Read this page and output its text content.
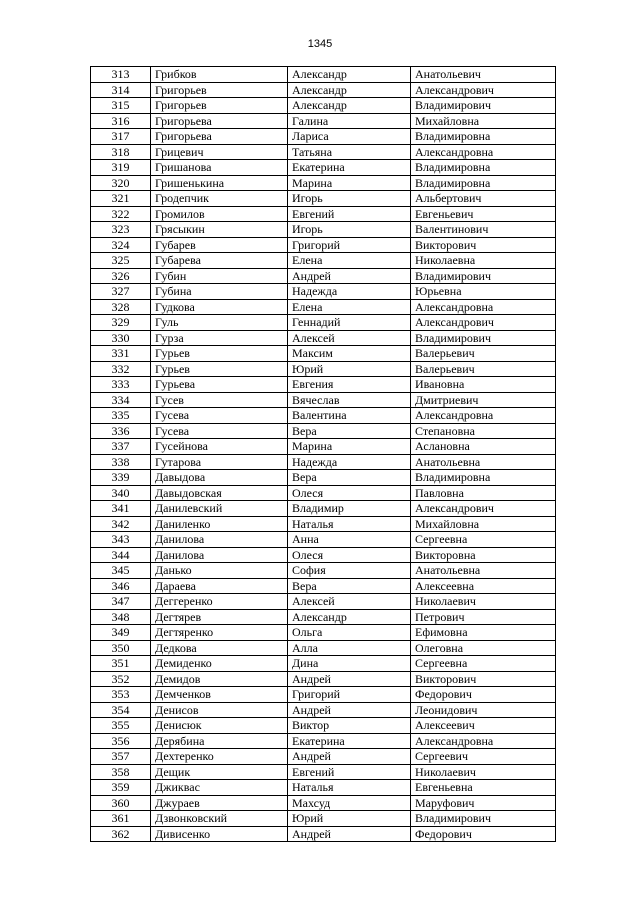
1345
313	Грибков	Александр	Анатольевич
314	Григорьев	Александр	Александрович
315	Григорьев	Александр	Владимирович
316	Григорьева	Галина	Михайловна
317	Григорьева	Лариса	Владимировна
318	Грицевич	Татьяна	Александровна
319	Гришанова	Екатерина	Владимировна
320	Гришенькина	Марина	Владимировна
321	Гродепчик	Игорь	Альбертович
322	Громилов	Евгений	Евгеньевич
323	Грясыкин	Игорь	Валентинович
324	Губарев	Григорий	Викторович
325	Губарева	Елена	Николаевна
326	Губин	Андрей	Владимирович
327	Губина	Надежда	Юрьевна
328	Гудкова	Елена	Александровна
329	Гуль	Геннадий	Александрович
330	Гурза	Алексей	Владимирович
331	Гурьев	Максим	Валерьевич
332	Гурьев	Юрий	Валерьевич
333	Гурьева	Евгения	Ивановна
334	Гусев	Вячеслав	Дмитриевич
335	Гусева	Валентина	Александровна
336	Гусева	Вера	Степановна
337	Гусейнова	Марина	Аслановна
338	Гутарова	Надежда	Анатольевна
339	Давыдова	Вера	Владимировна
340	Давыдовская	Олеся	Павловна
341	Данилевский	Владимир	Александрович
342	Даниленко	Наталья	Михайловна
343	Данилова	Анна	Сергеевна
344	Данилова	Олеся	Викторовна
345	Данько	София	Анатольевна
346	Дараева	Вера	Алексеевна
347	Деггеренко	Алексей	Николаевич
348	Дегтярев	Александр	Петрович
349	Дегтяренко	Ольга	Ефимовна
350	Дедкова	Алла	Олеговна
351	Демиденко	Дина	Сергеевна
352	Демидов	Андрей	Викторович
353	Демченков	Григорий	Федорович
354	Денисов	Андрей	Леонидович
355	Денисюк	Виктор	Алексеевич
356	Дерябина	Екатерина	Александровна
357	Дехтеренко	Андрей	Сергеевич
358	Дещик	Евгений	Николаевич
359	Джиквас	Наталья	Евгеньевна
360	Джураев	Махсуд	Маруфович
361	Дзвонковский	Юрий	Владимирович
362	Дивисенко	Андрей	Федорович
